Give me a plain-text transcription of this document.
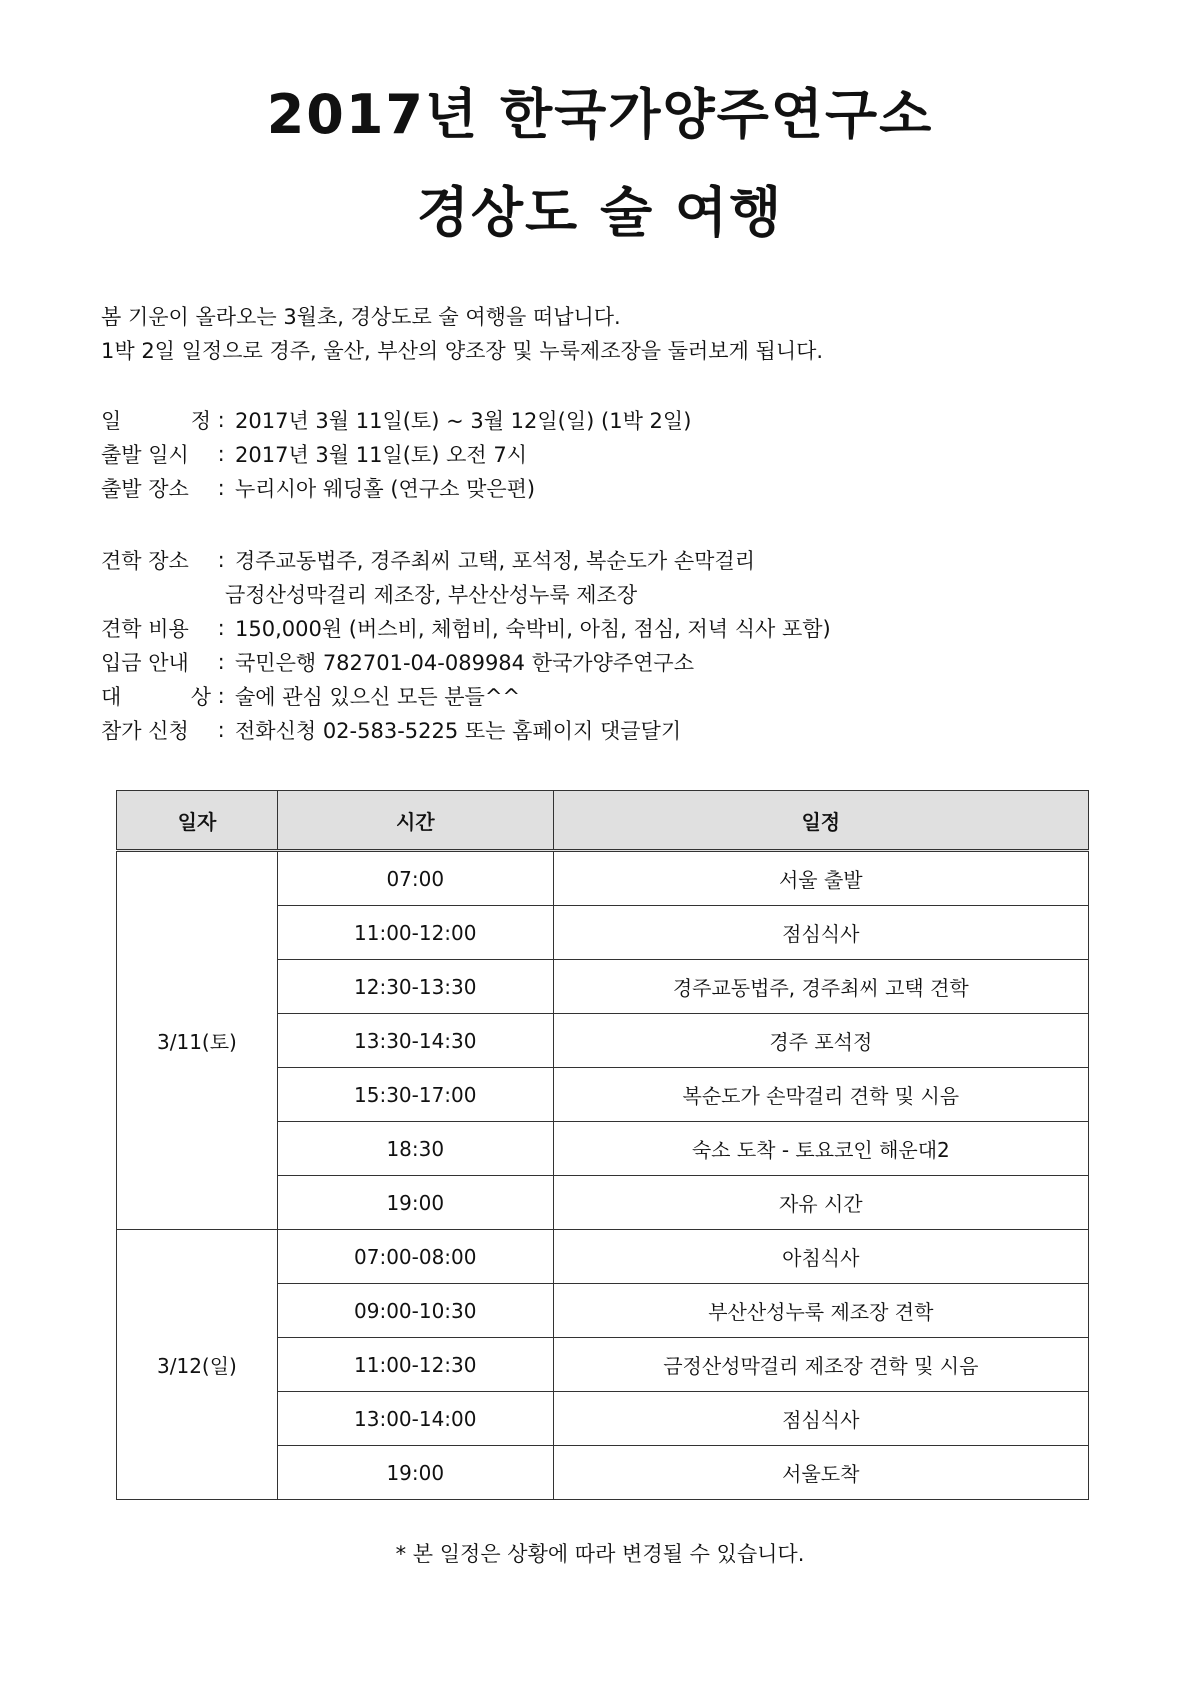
2017년 한국가양주연구소
경상도 술 여행
봄 기운이 올라오는 3월초, 경상도로 술 여행을 떠납니다.
1박 2일 일정으로 경주, 울산, 부산의 양조장 및 누룩제조장을 둘러보게 됩니다.
일	정 : 2017년 3월 11일(토) ~ 3월 12일(일) (1박 2일)
출발 일시	: 2017년 3월 11일(토) 오전 7시
출발 장소	: 누리시아 웨딩홀 (연구소 맞은편)
견학 장소	: 경주교동법주, 경주최씨 고택, 포석정, 복순도가 손막걸리
금정산성막걸리 제조장, 부산산성누룩 제조장
견학 비용	: 150,000원 (버스비, 체험비, 숙박비, 아침, 점심, 저녁 식사 포함)
입금 안내	: 국민은행 782701-04-089984 한국가양주연구소
대	상 : 술에 관심 있으신 모든 분들^^
참가 신청	: 전화신청 02-583-5225 또는 홈페이지 댓글달기
일자	시간	일정
3/11(토)	07:00	서울 출발
	11:00-12:00	점심식사
	12:30-13:30	경주교동법주, 경주최씨 고택 견학
	13:30-14:30	경주 포석정
	15:30-17:00	복순도가 손막걸리 견학 및 시음
	18:30	숙소 도착 - 토요코인 해운대2
	19:00	자유 시간
3/12(일)	07:00-08:00	아침식사
	09:00-10:30	부산산성누룩 제조장 견학
	11:00-12:30	금정산성막걸리 제조장 견학 및 시음
	13:00-14:00	점심식사
	19:00	서울도착
* 본 일정은 상황에 따라 변경될 수 있습니다.
